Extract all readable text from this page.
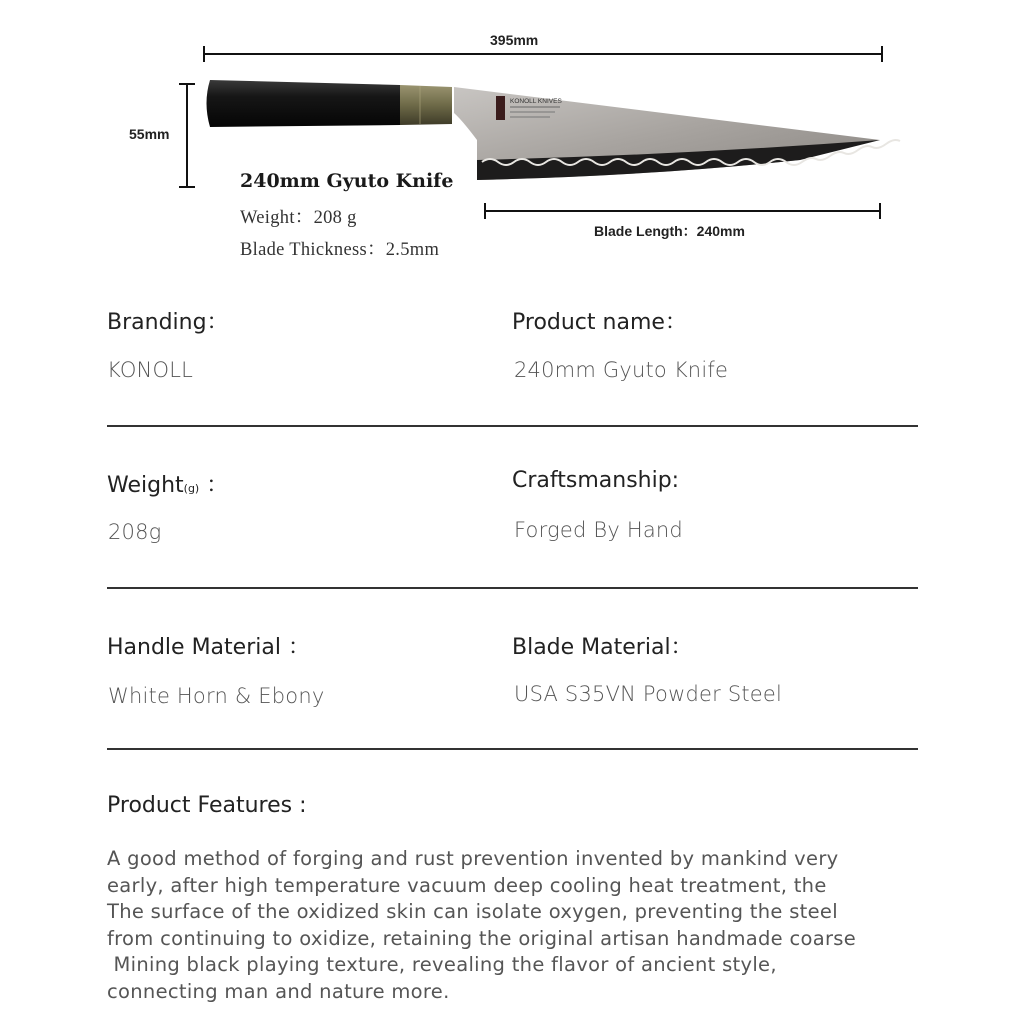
395mm
55mm
KONOLL KNIVES
Blade Length：240mm
240mm Gyuto Knife
Weight：208 g
Blade Thickness：2.5mm
Branding：
KONOLL
Product name：
240mm Gyuto Knife
Weight(g) ：
208g
Craftsmanship:
Forged By Hand
Handle Material ：
White Horn & Ebony
Blade Material：
USA S35VN Powder Steel
Product Features :
A good method of forging and rust prevention invented by mankind very
early, after high temperature vacuum deep cooling heat treatment, the
The surface of the oxidized skin can isolate oxygen, preventing the steel
from continuing to oxidize, retaining the original artisan handmade coarse
Mining black playing texture, revealing the flavor of ancient style,
connecting man and nature more.
